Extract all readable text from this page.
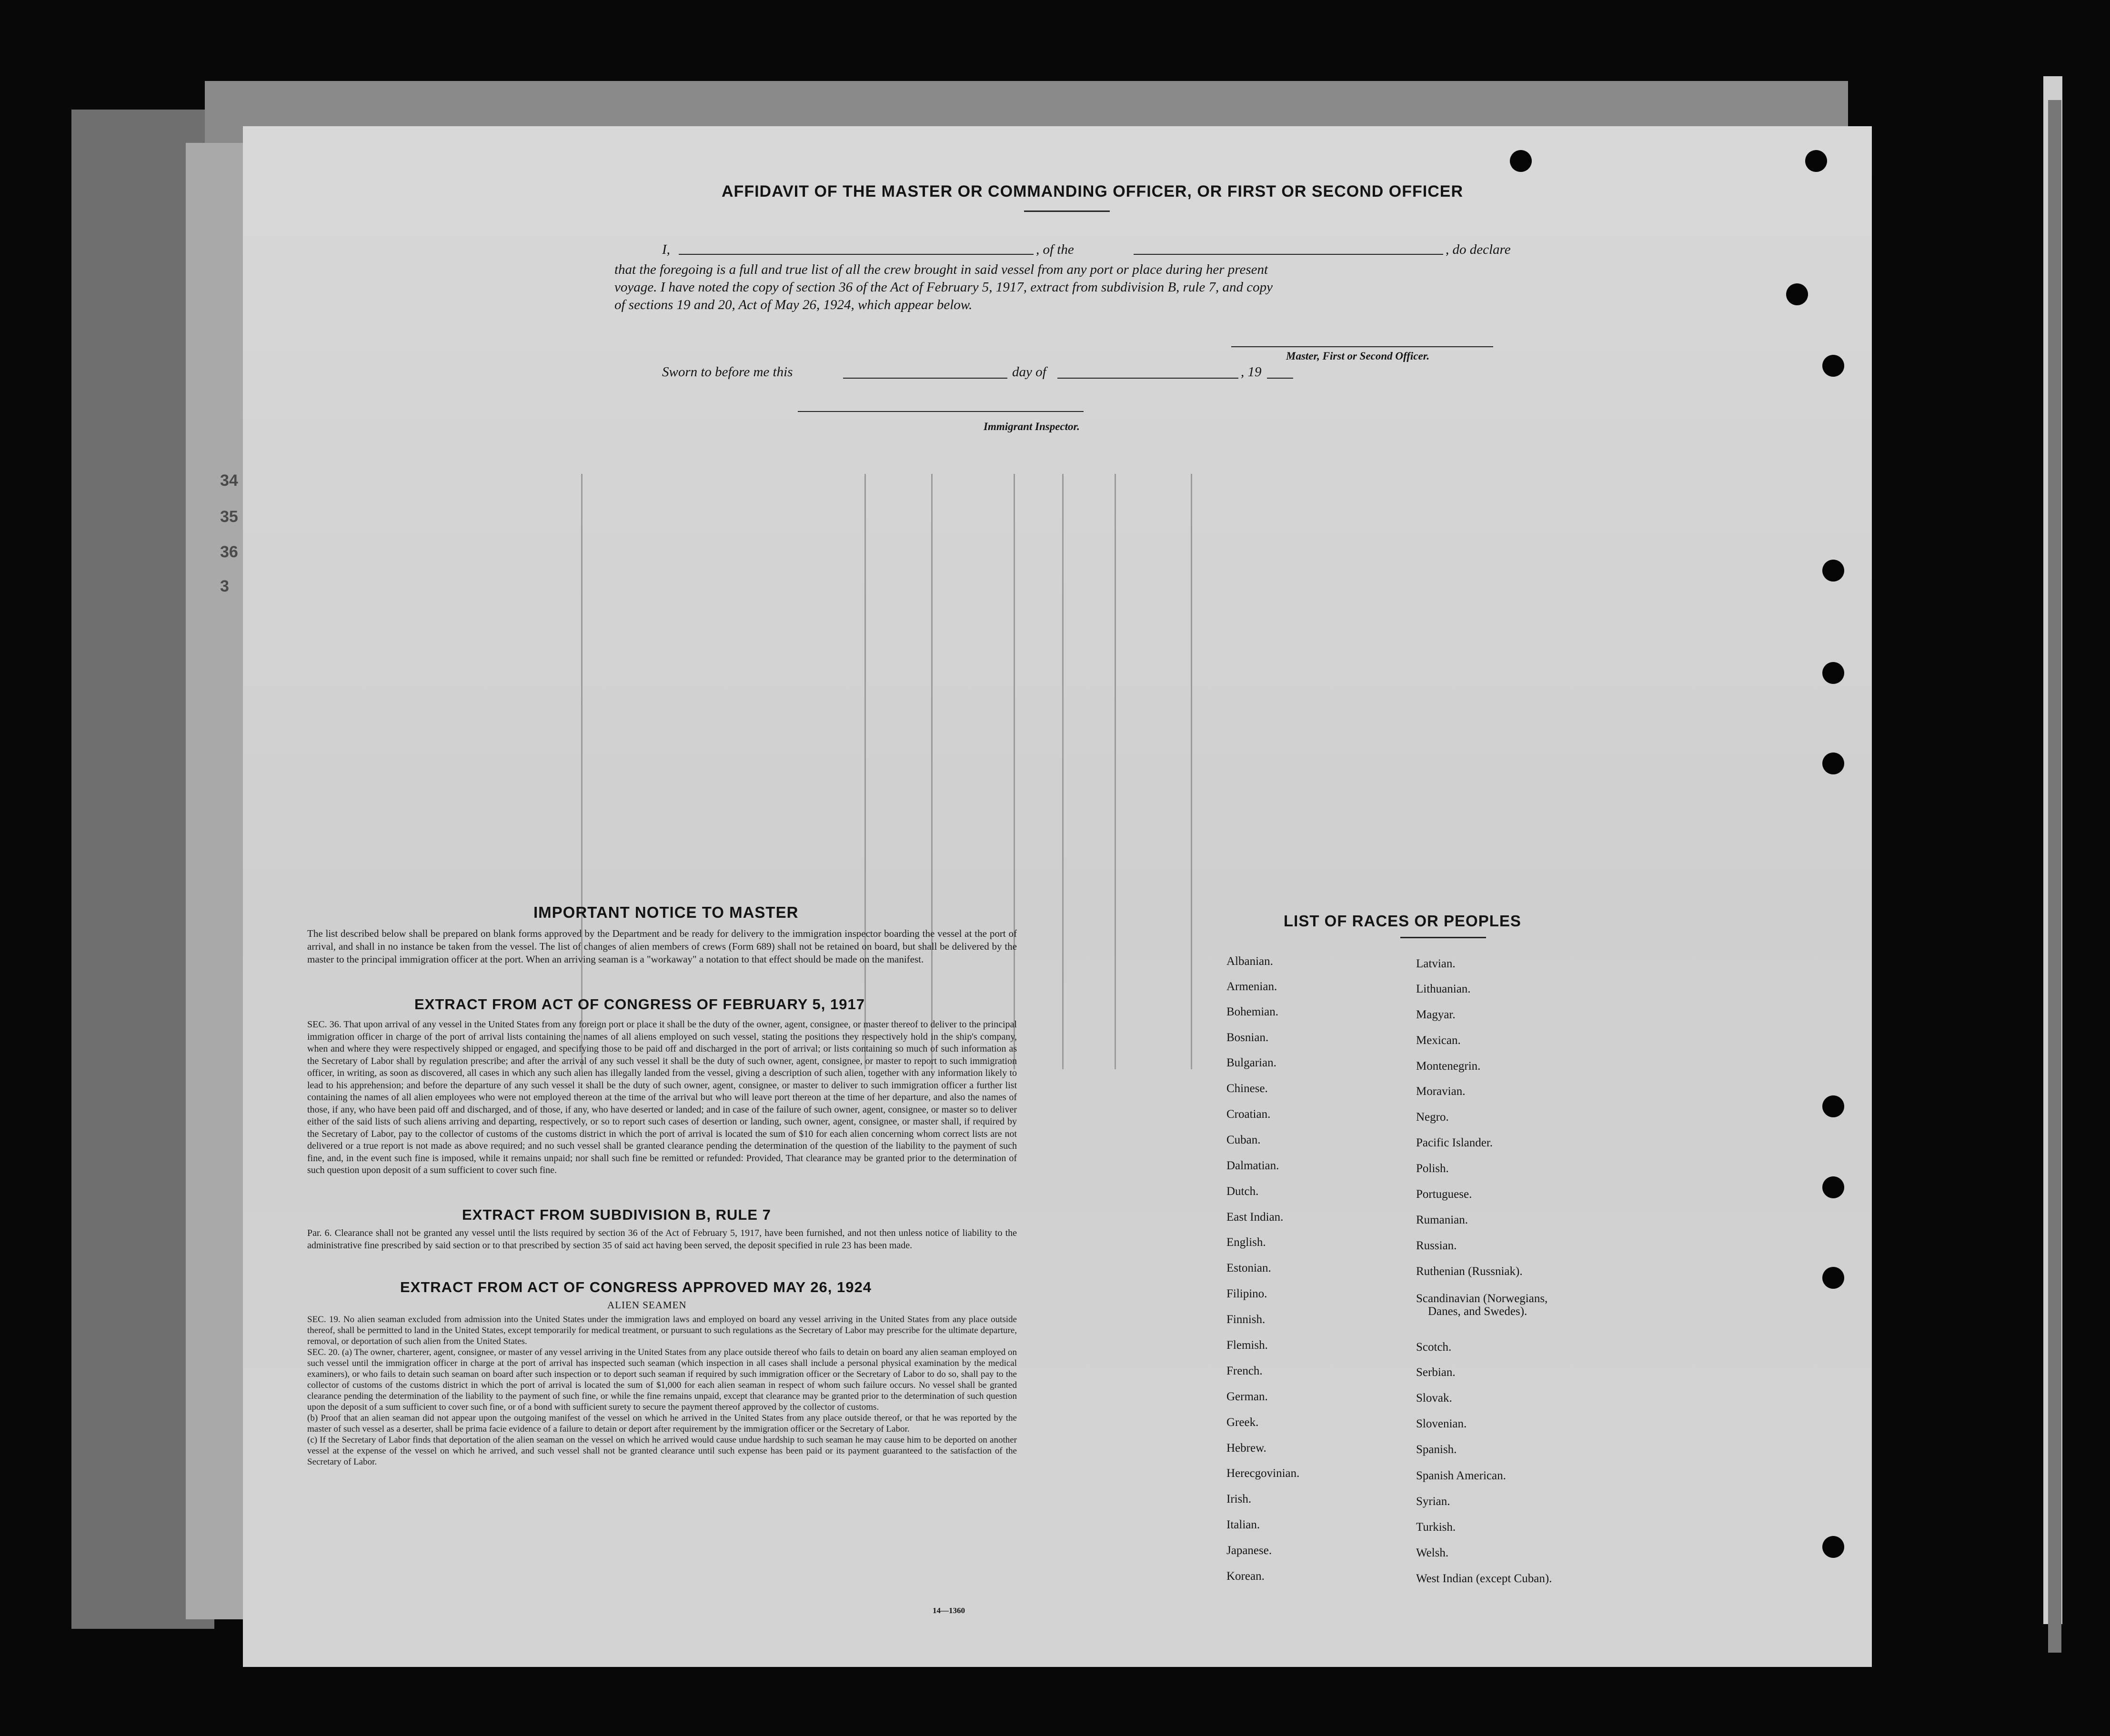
34
35
36
3
AFFIDAVIT OF THE MASTER OR COMMANDING OFFICER, OR FIRST OR SECOND OFFICER
I,	, of the	, do declare
that the foregoing is a full and true list of all the crew brought in said vessel from any port or place during her present
voyage. I have noted the copy of section 36 of the Act of February 5, 1917, extract from subdivision B, rule 7, and copy
of sections 19 and 20, Act of May 26, 1924, which appear below.
Master, First or Second Officer.
Sworn to before me this	day of	, 19
Immigrant Inspector.
IMPORTANT NOTICE TO MASTER
The list described below shall be prepared on blank forms approved by the Department and be ready for delivery to the immigration inspector boarding the vessel at the port of arrival, and shall in no instance be taken from the vessel. The list of changes of alien members of crews (Form 689) shall not be retained on board, but shall be delivered by the master to the principal immigration officer at the port. When an arriving seaman is a "workaway" a notation to that effect should be made on the manifest.
EXTRACT FROM ACT OF CONGRESS OF FEBRUARY 5, 1917
SEC. 36. That upon arrival of any vessel in the United States from any foreign port or place it shall be the duty of the owner, agent, consignee, or master thereof to deliver to the principal immigration officer in charge of the port of arrival lists containing the names of all aliens employed on such vessel, stating the positions they respectively hold in the ship's company, when and where they were respectively shipped or engaged, and specifying those to be paid off and discharged in the port of arrival; or lists containing so much of such information as the Secretary of Labor shall by regulation prescribe; and after the arrival of any such vessel it shall be the duty of such owner, agent, consignee, or master to report to such immigration officer, in writing, as soon as discovered, all cases in which any such alien has illegally landed from the vessel, giving a description of such alien, together with any information likely to lead to his apprehension; and before the departure of any such vessel it shall be the duty of such owner, agent, consignee, or master to deliver to such immigration officer a further list containing the names of all alien employees who were not employed thereon at the time of the arrival but who will leave port thereon at the time of her departure, and also the names of those, if any, who have been paid off and discharged, and of those, if any, who have deserted or landed; and in case of the failure of such owner, agent, consignee, or master so to deliver either of the said lists of such aliens arriving and departing, respectively, or so to report such cases of desertion or landing, such owner, agent, consignee, or master shall, if required by the Secretary of Labor, pay to the collector of customs of the customs district in which the port of arrival is located the sum of $10 for each alien concerning whom correct lists are not delivered or a true report is not made as above required; and no such vessel shall be granted clearance pending the determination of the question of the liability to the payment of such fine, and, in the event such fine is imposed, while it remains unpaid; nor shall such fine be remitted or refunded: Provided, That clearance may be granted prior to the determination of such question upon deposit of a sum sufficient to cover such fine.
EXTRACT FROM SUBDIVISION B, RULE 7
Par. 6. Clearance shall not be granted any vessel until the lists required by section 36 of the Act of February 5, 1917, have been furnished, and not then unless notice of liability to the administrative fine prescribed by said section or to that prescribed by section 35 of said act having been served, the deposit specified in rule 23 has been made.
EXTRACT FROM ACT OF CONGRESS APPROVED MAY 26, 1924
ALIEN SEAMEN

SEC. 19. No alien seaman excluded from admission into the United States under the immigration laws and employed on board any vessel arriving in the United States from any place outside thereof, shall be permitted to land in the United States, except temporarily for medical treatment, or pursuant to such regulations as the Secretary of Labor may prescribe for the ultimate departure, removal, or deportation of such alien from the United States.

SEC. 20. (a) The owner, charterer, agent, consignee, or master of any vessel arriving in the United States from any place outside thereof who fails to detain on board any alien seaman employed on such vessel until the immigration officer in charge at the port of arrival has inspected such seaman (which inspection in all cases shall include a personal physical examination by the medical examiners), or who fails to detain such seaman on board after such inspection or to deport such seaman if required by such immigration officer or the Secretary of Labor to do so, shall pay to the collector of customs of the customs district in which the port of arrival is located the sum of $1,000 for each alien seaman in respect of whom such failure occurs. No vessel shall be granted clearance pending the determination of the liability to the payment of such fine, or while the fine remains unpaid, except that clearance may be granted prior to the determination of such question upon the deposit of a sum sufficient to cover such fine, or of a bond with sufficient surety to secure the payment thereof approved by the collector of customs.

(b) Proof that an alien seaman did not appear upon the outgoing manifest of the vessel on which he arrived in the United States from any place outside thereof, or that he was reported by the master of such vessel as a deserter, shall be prima facie evidence of a failure to detain or deport after requirement by the immigration officer or the Secretary of Labor.

(c) If the Secretary of Labor finds that deportation of the alien seaman on the vessel on which he arrived would cause undue hardship to such seaman he may cause him to be deported on another vessel at the expense of the vessel on which he arrived, and such vessel shall not be granted clearance until such expense has been paid or its payment guaranteed to the satisfaction of the Secretary of Labor.

14—1360
LIST OF RACES OR PEOPLES
Albanian.
Armenian.
Bohemian.
Bosnian.
Bulgarian.
Chinese.
Croatian.
Cuban.
Dalmatian.
Dutch.
East Indian.
English.
Estonian.
Filipino.
Finnish.
Flemish.
French.
German.
Greek.
Hebrew.
Herecgovinian.
Irish.
Italian.
Japanese.
Korean.
Latvian.
Lithuanian.
Magyar.
Mexican.
Montenegrin.
Moravian.
Negro.
Pacific Islander.
Polish.
Portuguese.
Rumanian.
Russian.
Ruthenian (Russniak).
Scandinavian (Norwegians,
Danes, and Swedes).
Scotch.
Serbian.
Slovak.
Slovenian.
Spanish.
Spanish American.
Syrian.
Turkish.
Welsh.
West Indian (except Cuban).
